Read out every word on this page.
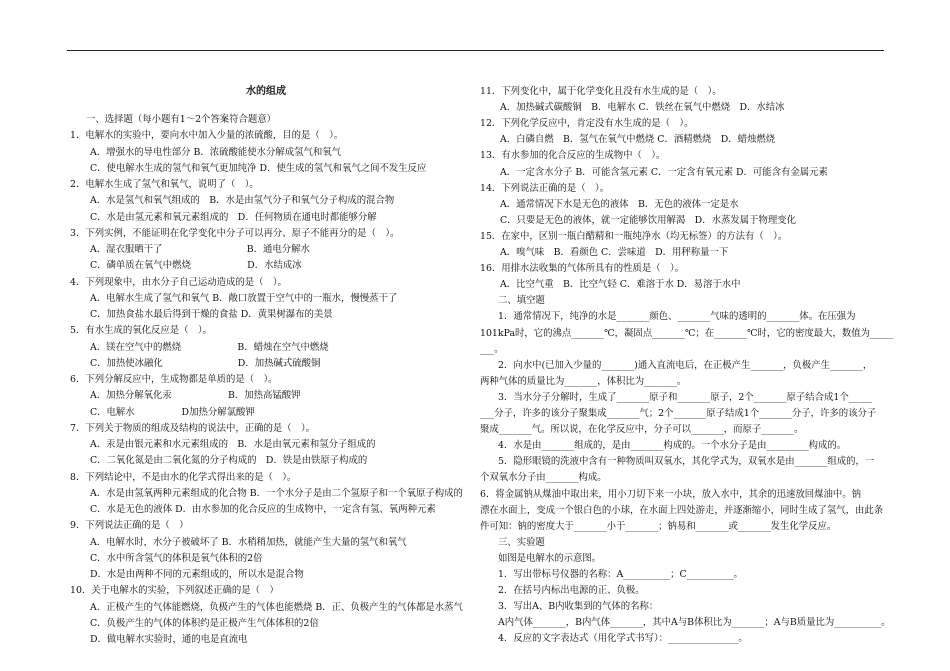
水的组成
一、选择题（每小题有1～2个答案符合题意）
1．电解水的实验中，要向水中加入少量的浓硫酸，目的是（　）。
A．增强水的导电性部分 B．浓硫酸能使水分解成氢气和氧气
C．使电解水生成的氢气和氧气更加纯净 D．使生成的氢气和氧气之间不发生反应
2．电解水生成了氢气和氧气，说明了（　）。
A．水是氢气和氧气组成的　B．水是由氢气分子和氧气分子构成的混合物
C．水是由氢元素和氧元素组成的　D．任何物质在通电时都能够分解
3．下列实例，不能证明在化学变化中分子可以再分、原子不能再分的是（　）。
A．湿衣服晒干了　　　　　　　　　B．通电分解水
C．磷单质在氧气中燃烧　　　　　　D．水结成冰
4．下列现象中，由水分子自己运动造成的是（　）。
A．电解水生成了氢气和氧气 B．敞口放置于空气中的一瓶水，慢慢蒸干了
C．加热食盐水最后得到干燥的食盐 D．黄果树瀑布的美景
5．有水生成的氧化反应是（　）。
A．镁在空气中的燃烧　　　　　　B．蜡烛在空气中燃烧
C．加热使冰融化　　　　　　　　D．加热碱式硫酸铜
6．下列分解反应中，生成物都是单质的是（　）。
A．加热分解氧化汞　　　　　　B．加热高锰酸钾
C．电解水　　　　　D加热分解氯酸钾
7．下列关于物质的组成及结构的说法中，正确的是（　）。
A．汞是由银元素和水元素组成的　B．水是由氧元素和氢分子组成的
C．二氧化氮是由二氧化氮的分子构成的　D．铁是由铁原子构成的
8．下列结论中，不是由水的化学式得出来的是（　）。
A．水是由氢氧两种元素组成的化合物 B．一个水分子是由二个氢原子和一个氧原子构成的
C．水是无色的液体 D．由水参加的化合反应的生成物中，一定含有氢、氧两种元素
9．下列说法正确的是（　）
A．电解水时，水分子被破坏了 B．水稍稍加热，就能产生大量的氢气和氧气
C．水中所含氢气的体积是氧气体积的2倍
D．水是由两种不同的元素组成的，所以水是混合物
10．关于电解水的实验，下列叙述正确的是（　）
A．正极产生的气体能燃烧，负极产生的气体也能燃烧 B．正、负极产生的气体都是水蒸气
C．负极产生的气体的体积约是正极产生气体体积的2倍
D．做电解水实验时，通的电是直流电
11．下列变化中，属于化学变化且没有水生成的是（　）。
A．加热碱式碳酸铜　B．电解水 C．铁丝在氧气中燃烧　D．水结冰
12．下列化学反应中，肯定没有水生成的是（　）。
A．白磷自燃　B．氢气在氧气中燃烧 C．酒精燃烧　D．蜡烛燃烧
13．有水参加的化合反应的生成物中（　）。
A．一定含水分子 B．可能含氢元素 C．一定含有氧元素 D．可能含有金属元素
14．下列说法正确的是（　）。
A．通常情况下水是无色的液体　B．无色的液体一定是水
C．只要是无色的液体，就一定能够饮用解渴　D．水蒸发属于物理变化
15．在家中，区别一瓶白醋精和一瓶纯净水（均无标签）的方法有（　）。
A．嗅气味　B．看颜色 C．尝味道　D．用秤称量一下
16．用排水法收集的气体所具有的性质是（　）。
A．比空气重　B．比空气轻 C．难溶于水 D．易溶于水中
二、填空题
1．通常情况下，纯净的水是_______颜色、_______气味的透明的_______体。在压强为
101kPa时，它的沸点_______℃，凝固点_______℃；在_______℃时，它的密度最大，数值为_____
___。
2．向水中(已加入少量的_______)通入直流电后，在正极产生_______，负极产生_______，
两种气体的质量比为_______，体积比为_______。
3．当水分子分解时，生成了_______原子和_______原子，2个_______原子结合成1个_____
___分子，许多的该分子聚集成_______气；2个_______原子结成1个_______分子，许多的该分子
聚成_______气。所以说，在化学反应中，分子可以_______，而原子_______。
4．水是由_______组成的，是由_______构成的。一个水分子是由_________构成的。
5．隐形眼镜的洗液中含有一种物质叫双氧水，其化学式为，双氧水是由_______组成的，一
个双氧水分子由_______构成。
6．将金属钠从煤油中取出来，用小刀切下来一小块，放入水中，其余的迅速放回煤油中。钠
漂在水面上，变成一个银白色的小球，在水面上四处游走，并逐渐缩小，同时生成了氢气，由此条
件可知：钠的密度大于_______小于_______；钠易和_______或_______发生化学反应。
三、实验题
如图是电解水的示意图。
1．写出带标号仪器的名称：A__________；C__________。
2．在括号内标出电源的正、负极。
3．写出A、B内收集到的气体的名称：
A内气体_______，B内气体_______，其中A与B体积比为_______；A与B质量比为__________。
4．反应的文字表达式（用化学式书写）：_______________。
